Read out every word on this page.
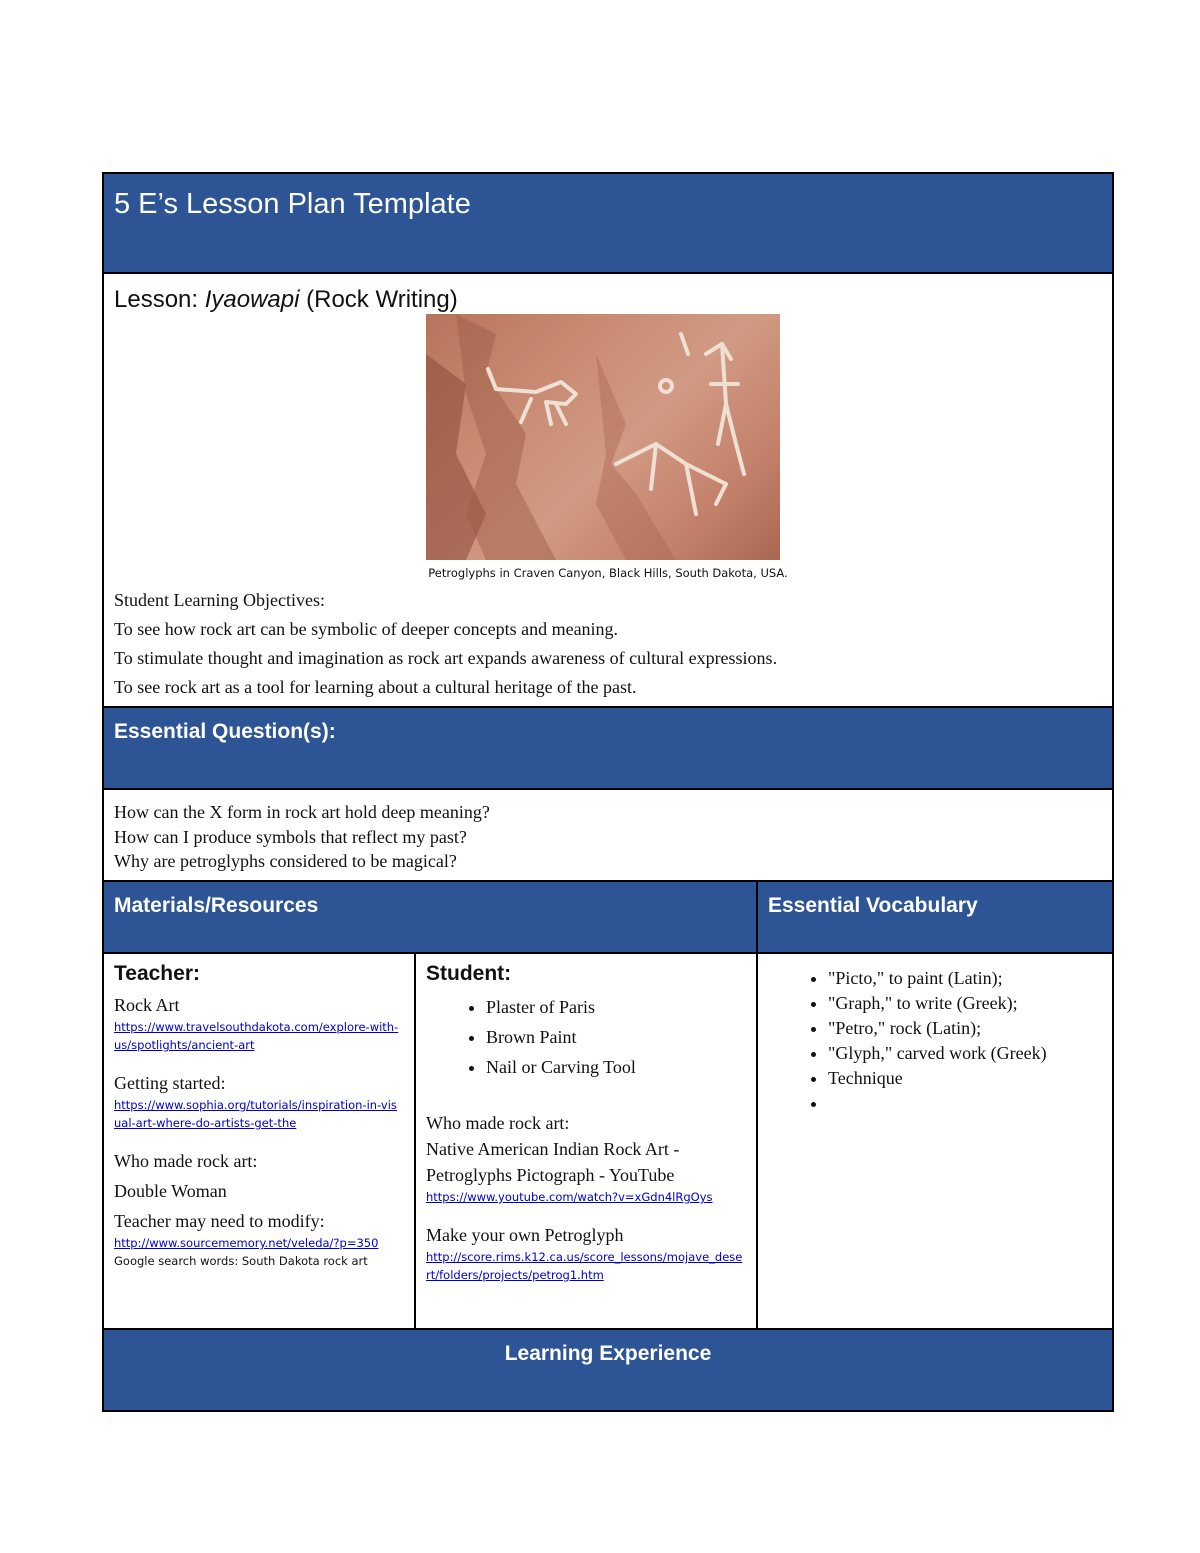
5 E’s Lesson Plan Template
Lesson: Iyaowapi (Rock Writing)
Petroglyphs in Craven Canyon, Black Hills, South Dakota, USA.
Student Learning Objectives:
To see how rock art can be symbolic of deeper concepts and meaning.
To stimulate thought and imagination as rock art expands awareness of cultural expressions.
To see rock art as a tool for learning about a cultural heritage of the past.
Essential Question(s):
How can the X form in rock art hold deep meaning?
How can I produce symbols that reflect my past?
Why are petroglyphs considered to be magical?
Materials/Resources	Essential Vocabulary
Teacher:
Rock Art
https://www.travelsouthdakota.com/explore-with-us/spotlights/ancient-art
Getting started:
https://www.sophia.org/tutorials/inspiration-in-visual-art-where-do-artists-get-the
Who made rock art:
Double Woman
Teacher may need to modify:
http://www.sourcememory.net/veleda/?p=350
Google search words: South Dakota rock art
Student:
• Plaster of Paris
• Brown Paint
• Nail or Carving Tool
Who made rock art:
Native American Indian Rock Art - Petroglyphs Pictograph - YouTube
https://www.youtube.com/watch?v=xGdn4lRgOys
Make your own Petroglyph
http://score.rims.k12.ca.us/score_lessons/mojave_desert/folders/projects/petrog1.htm
• "Picto," to paint (Latin);
• "Graph," to write (Greek);
• "Petro," rock (Latin);
• "Glyph," carved work (Greek)
• Technique
•
Learning Experience
